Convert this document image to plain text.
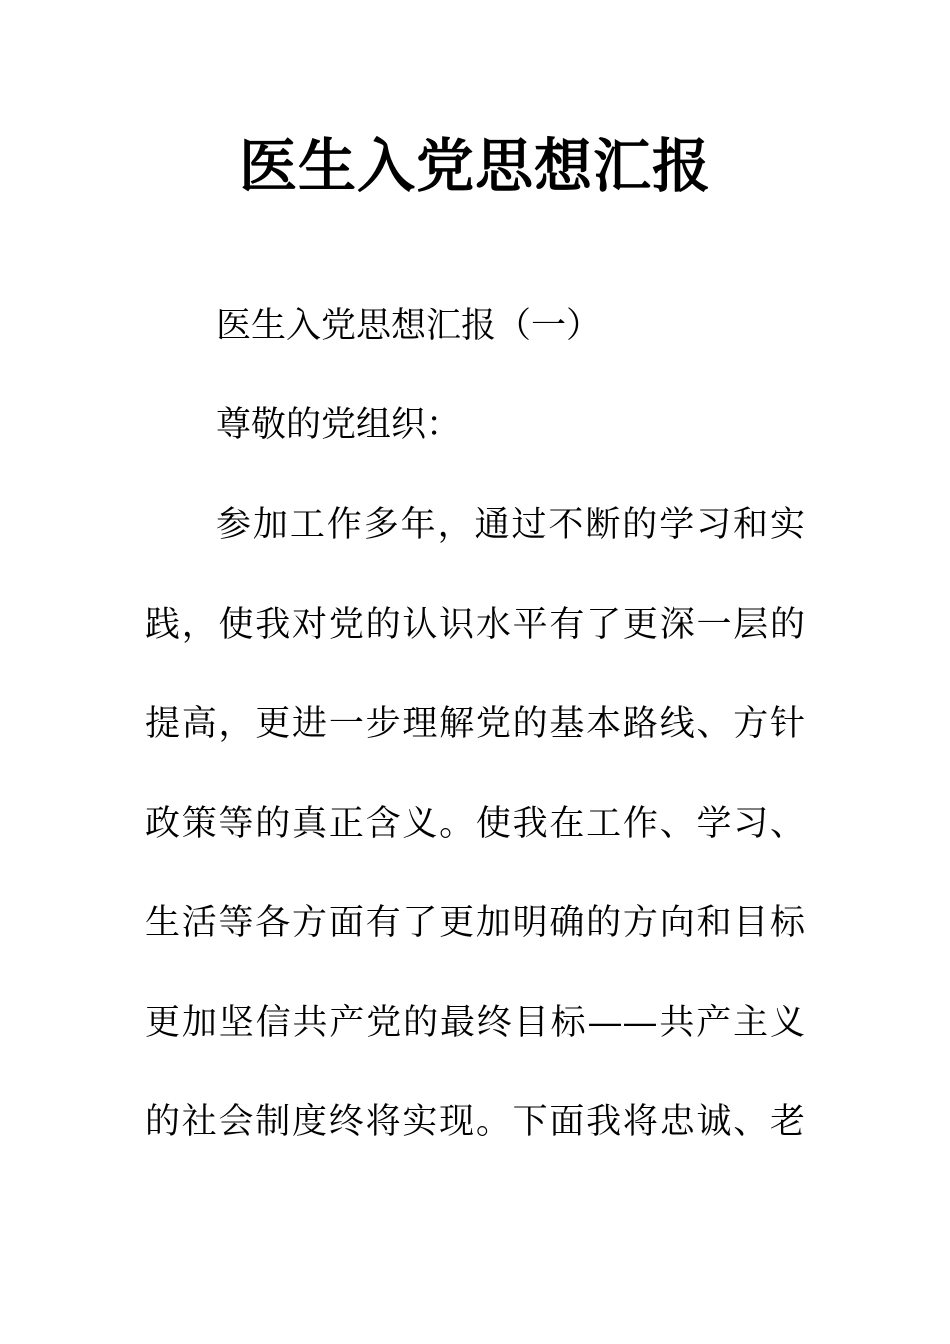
医生入党思想汇报

医生入党思想汇报（一）

尊敬的党组织：

参加工作多年，通过不断的学习和实

践，使我对党的认识水平有了更深一层的

提高，更进一步理解党的基本路线、方针

政策等的真正含义。使我在工作、学习、

生活等各方面有了更加明确的方向和目标

更加坚信共产党的最终目标——共产主义

的社会制度终将实现。下面我将忠诚、老
